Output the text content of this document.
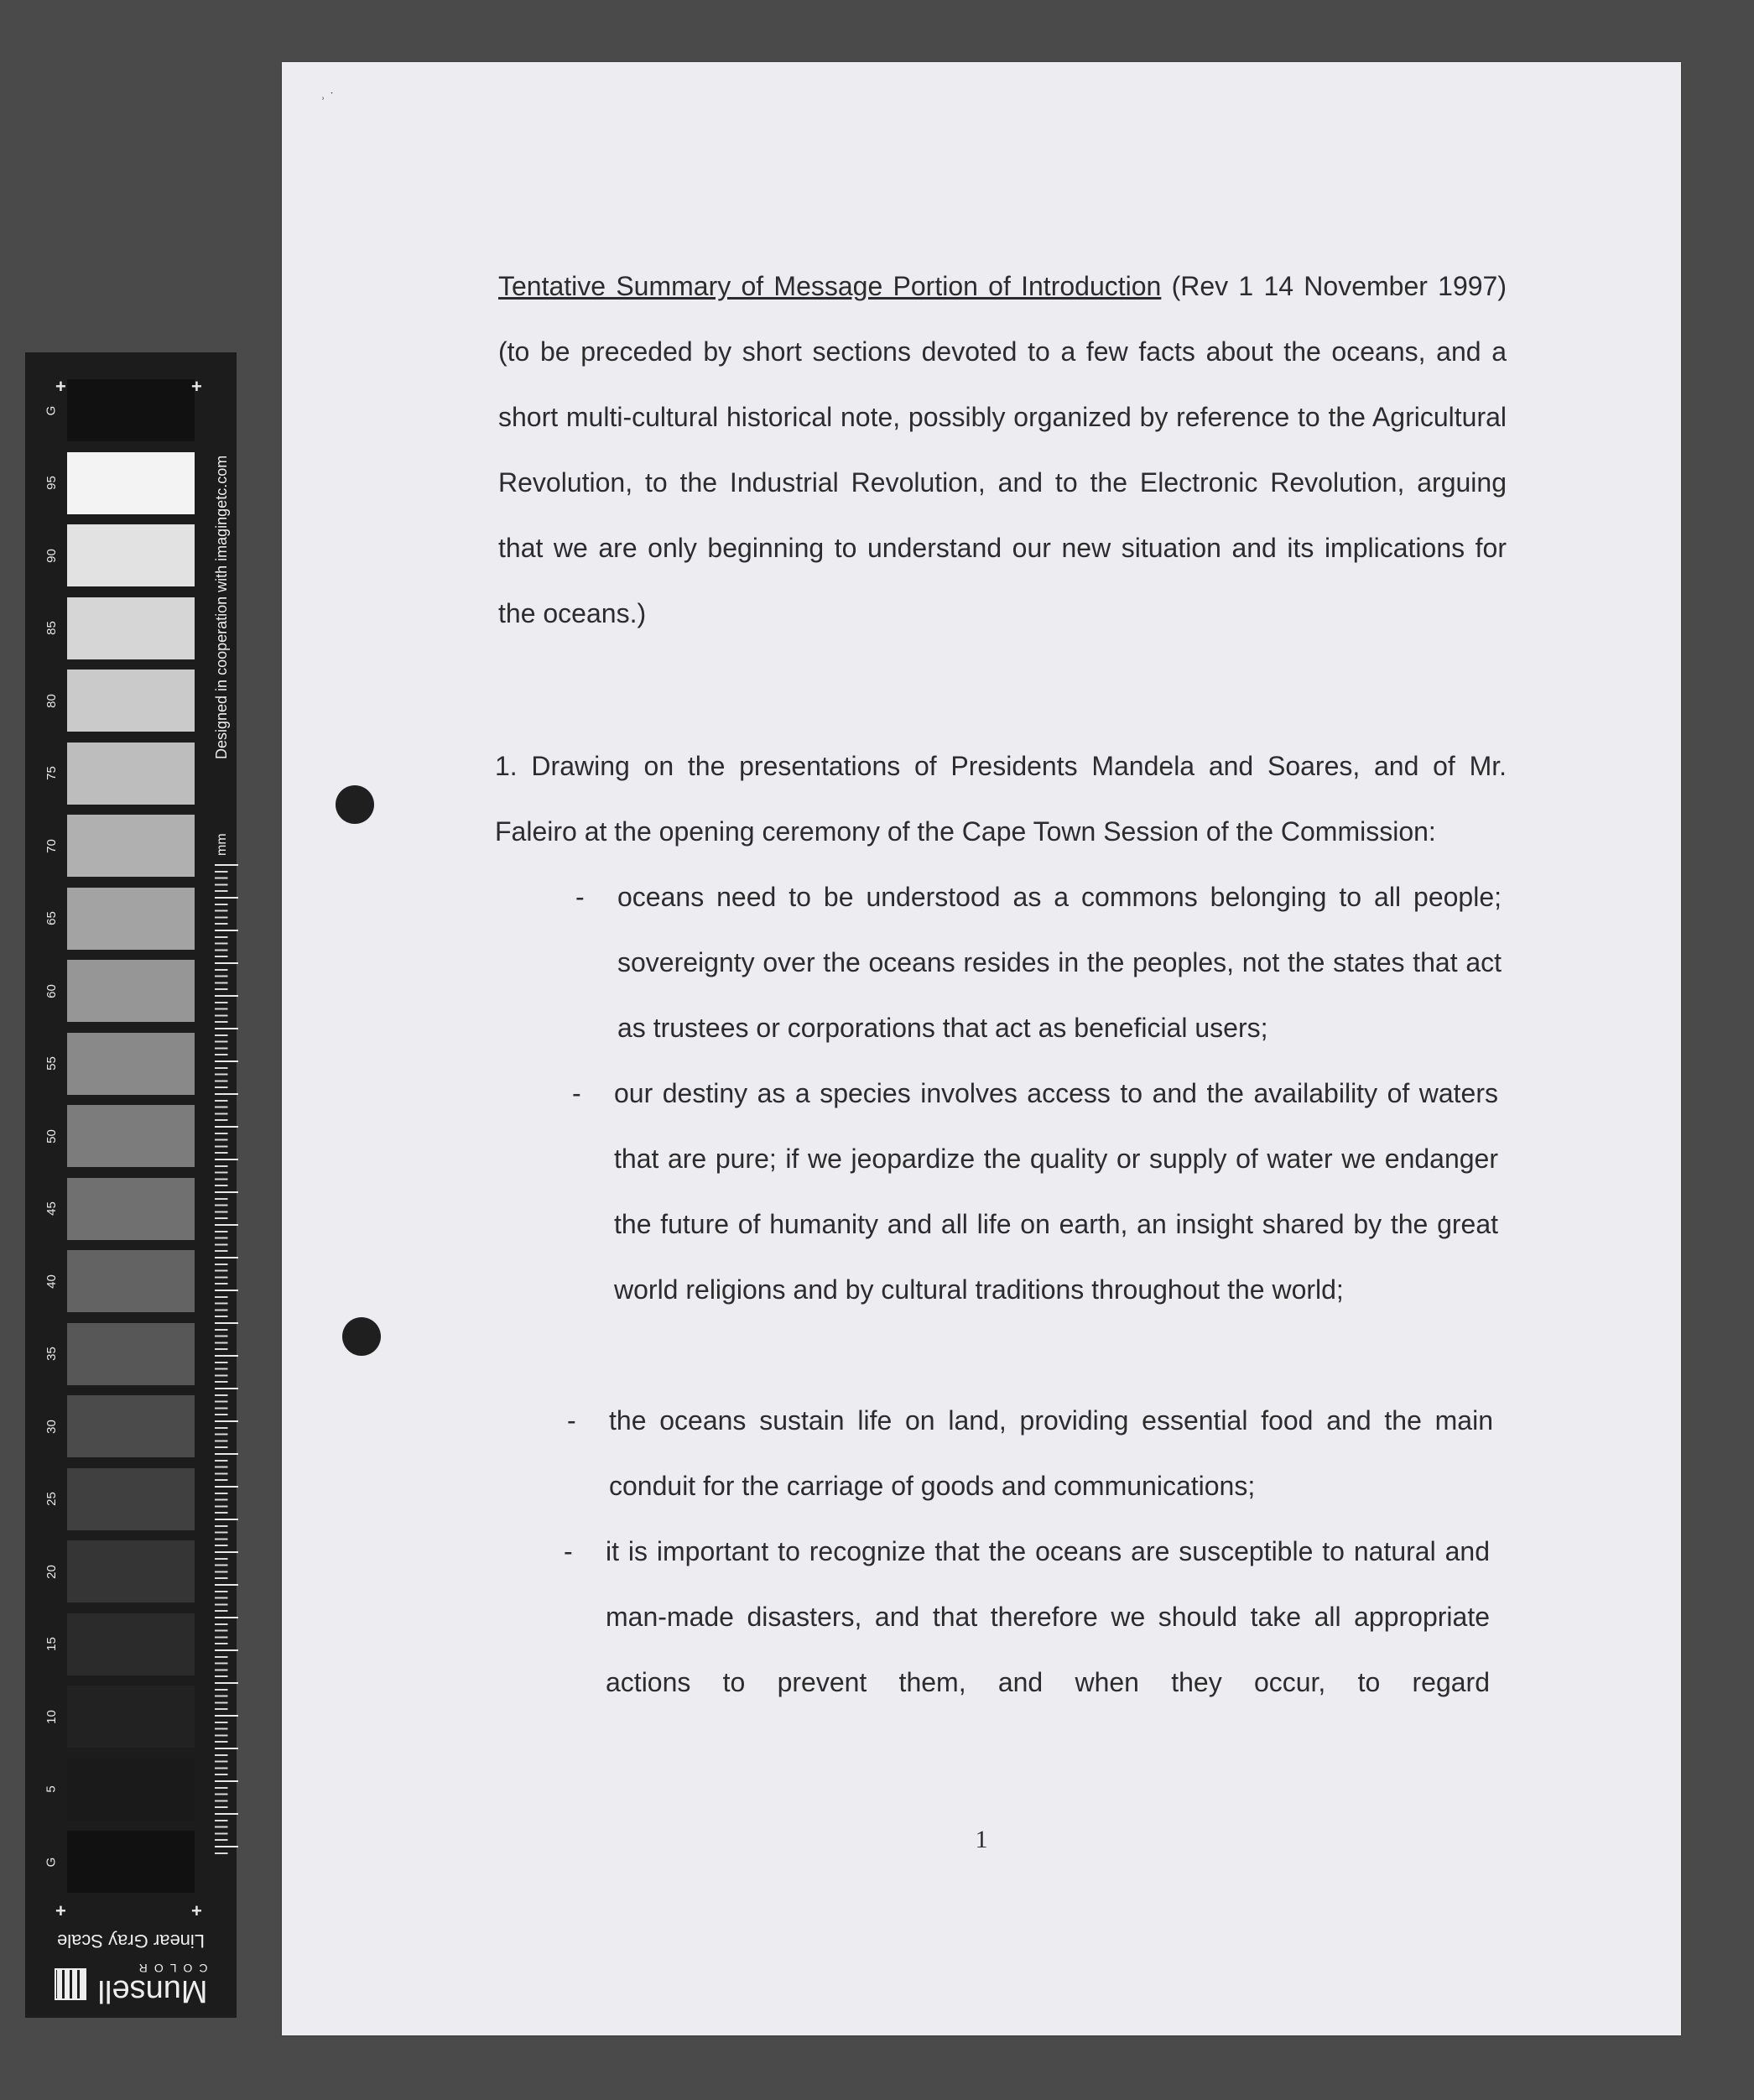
G
95
90
85
80
75
70
65
60
55
50
45
40
35
30
25
20
15
10
5
G
+	+
+	+
Designed in cooperation with imagingetc.com
mm
Linear Gray Scale
Munsell
COLOR
˒ ˑ

Tentative Summary of Message Portion of Introduction (Rev 1 14 November 1997) (to be preceded by short sections devoted to a few facts about the oceans, and a short multi-cultural historical note, possibly organized by reference to the Agricultural Revolution, to the Industrial Revolution, and to the Electronic Revolution, arguing that we are only beginning to understand our new situation and its implications for the oceans.)

1. Drawing on the presentations of Presidents Mandela and Soares, and of Mr. Faleiro at the opening ceremony of the Cape Town Session of the Commission:

- oceans need to be understood as a commons belonging to all people; sovereignty over the oceans resides in the peoples, not the states that act as trustees or corporations that act as beneficial users;

- our destiny as a species involves access to and the availability of waters that are pure; if we jeopardize the quality or supply of water we endanger the future of humanity and all life on earth, an insight shared by the great world religions and by cultural traditions throughout the world;

- the oceans sustain life on land, providing essential food and the main conduit for the carriage of goods and communications;

- it is important to recognize that the oceans are susceptible to natural and man-made disasters, and that therefore we should take all appropriate actions to prevent them, and when they occur, to regard

1
